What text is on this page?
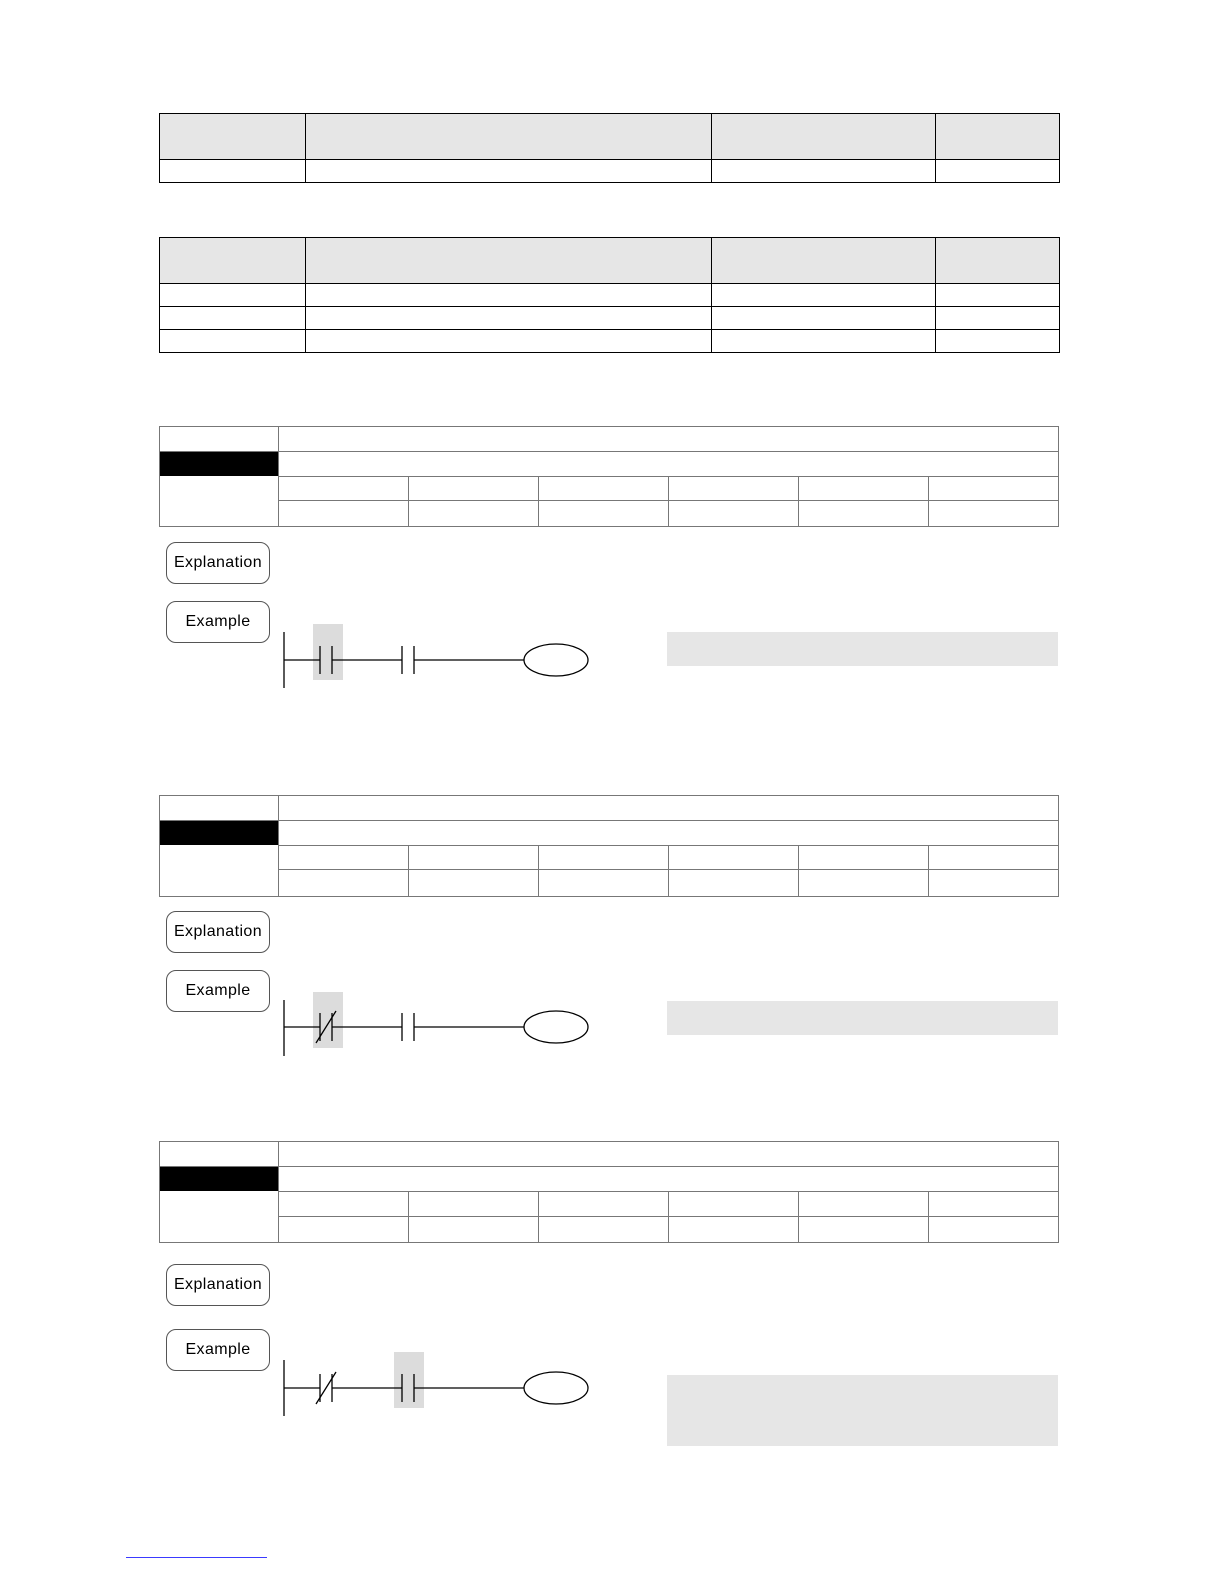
Explanation
Example
Explanation
Example
Explanation
Example
